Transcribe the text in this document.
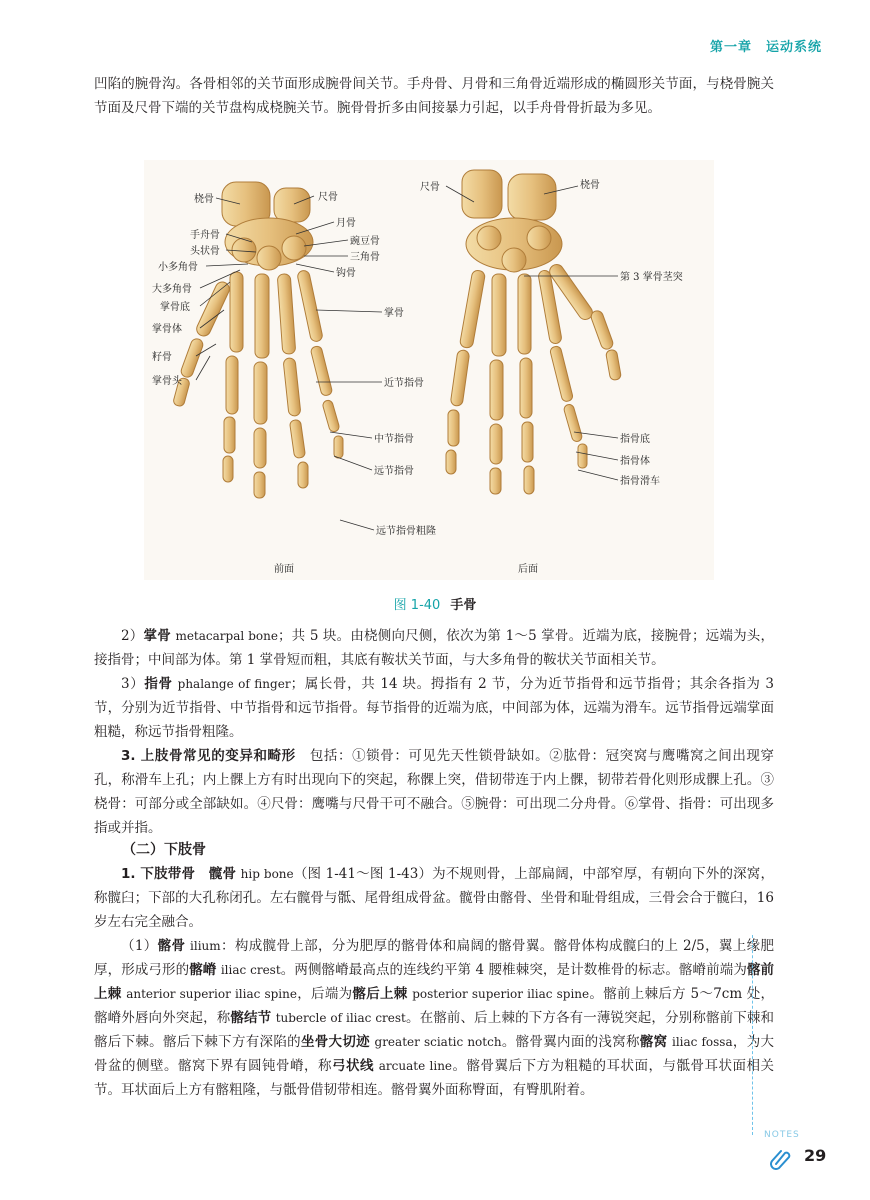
第一章 运动系统

凹陷的腕骨沟。各骨相邻的关节面形成腕骨间关节。手舟骨、月骨和三角骨近端形成的椭圆形关节面，与桡骨腕关节面及尺骨下端的关节盘构成桡腕关节。腕骨骨折多由间接暴力引起，以手舟骨骨折最为多见。

桡骨	尺骨
月骨
手舟骨
豌豆骨
头状骨
三角骨
小多角骨
钩骨
大多角骨
掌骨底
掌骨体
掌骨
籽骨
掌骨头	近节指骨
中节指骨
远节指骨
远节指骨粗隆
前面
尺骨	桡骨
第 3 掌骨茎突
指骨底
指骨体
指骨滑车
后面
图 1-40 手骨

2）掌骨 metacarpal bone；共 5 块。由桡侧向尺侧，依次为第 1～5 掌骨。近端为底，接腕骨；远端为头，接指骨；中间部为体。第 1 掌骨短而粗，其底有鞍状关节面，与大多角骨的鞍状关节面相关节。

3）指骨 phalange of finger；属长骨，共 14 块。拇指有 2 节，分为近节指骨和远节指骨；其余各指为 3 节，分别为近节指骨、中节指骨和远节指骨。每节指骨的近端为底，中间部为体，远端为滑车。远节指骨远端掌面粗糙，称远节指骨粗隆。

3. 上肢骨常见的变异和畸形　 包括：①锁骨：可见先天性锁骨缺如。②肱骨：冠突窝与鹰嘴窝之间出现穿孔，称滑车上孔；内上髁上方有时出现向下的突起，称髁上突，借韧带连于内上髁，韧带若骨化则形成髁上孔。③桡骨：可部分或全部缺如。④尺骨：鹰嘴与尺骨干可不融合。⑤腕骨：可出现二分舟骨。⑥掌骨、指骨：可出现多指或并指。

（二）下肢骨

1. 下肢带骨　 髋骨 hip bone（图 1-41～图 1-43）为不规则骨，上部扁阔，中部窄厚，有朝向下外的深窝，称髋臼；下部的大孔称闭孔。左右髋骨与骶、尾骨组成骨盆。髋骨由髂骨、坐骨和耻骨组成，三骨会合于髋臼，16 岁左右完全融合。

（1）髂骨 ilium：构成髋骨上部，分为肥厚的髂骨体和扁阔的髂骨翼。髂骨体构成髋臼的上 2/5，翼上缘肥厚，形成弓形的髂嵴 iliac crest。两侧髂嵴最高点的连线约平第 4 腰椎棘突，是计数椎骨的标志。髂嵴前端为髂前上棘 anterior superior iliac spine，后端为髂后上棘 posterior superior iliac spine。髂前上棘后方 5～7cm 处，髂嵴外唇向外突起，称髂结节 tubercle of iliac crest。在髂前、后上棘的下方各有一薄锐突起，分别称髂前下棘和髂后下棘。髂后下棘下方有深陷的坐骨大切迹 greater sciatic notch。髂骨翼内面的浅窝称髂窝 iliac fossa，为大骨盆的侧壁。髂窝下界有圆钝骨嵴，称弓状线 arcuate line。髂骨翼后下方为粗糙的耳状面，与骶骨耳状面相关节。耳状面后上方有髂粗隆，与骶骨借韧带相连。髂骨翼外面称臀面，有臀肌附着。

NOTES
29
